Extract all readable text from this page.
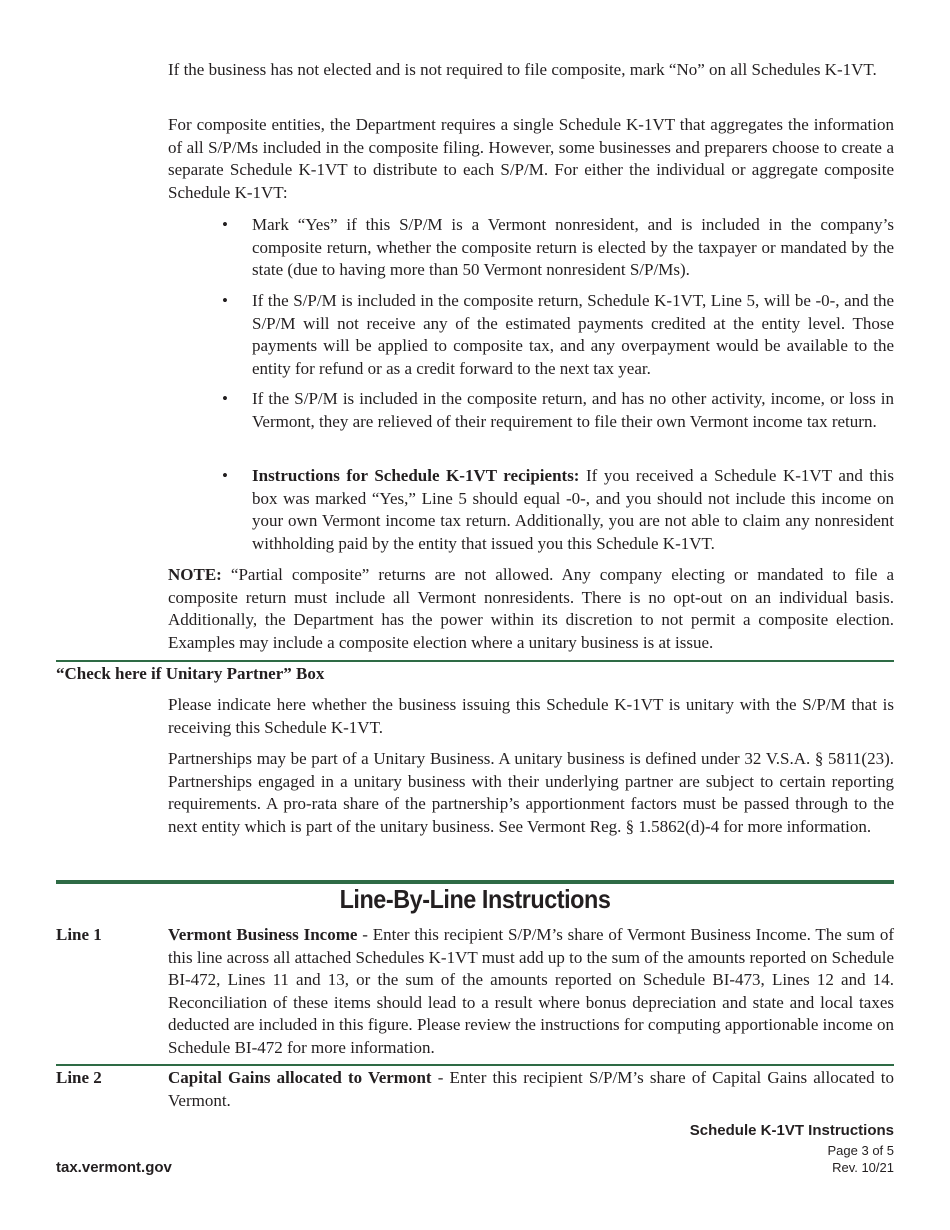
If the business has not elected and is not required to file composite, mark “No” on all Schedules K-1VT.

For composite entities, the Department requires a single Schedule K-1VT that aggregates the information of all S/P/Ms included in the composite filing. However, some businesses and preparers choose to create a separate Schedule K-1VT to distribute to each S/P/M. For either the individual or aggregate composite Schedule K-1VT:

• Mark “Yes” if this S/P/M is a Vermont nonresident, and is included in the company’s composite return, whether the composite return is elected by the taxpayer or mandated by the state (due to having more than 50 Vermont nonresident S/P/Ms).

• If the S/P/M is included in the composite return, Schedule K-1VT, Line 5, will be -0-, and the S/P/M will not receive any of the estimated payments credited at the entity level. Those payments will be applied to composite tax, and any overpayment would be available to the entity for refund or as a credit forward to the next tax year.

• If the S/P/M is included in the composite return, and has no other activity, income, or loss in Vermont, they are relieved of their requirement to file their own Vermont income tax return.

• Instructions for Schedule K-1VT recipients: If you received a Schedule K-1VT and this box was marked “Yes,” Line 5 should equal -0-, and you should not include this income on your own Vermont income tax return. Additionally, you are not able to claim any nonresident withholding paid by the entity that issued you this Schedule K-1VT.

NOTE: “Partial composite” returns are not allowed. Any company electing or mandated to file a composite return must include all Vermont nonresidents. There is no opt-out on an individual basis. Additionally, the Department has the power within its discretion to not permit a composite election. Examples may include a composite election where a unitary business is at issue.

“Check here if Unitary Partner” Box

Please indicate here whether the business issuing this Schedule K-1VT is unitary with the S/P/M that is receiving this Schedule K-1VT.

Partnerships may be part of a Unitary Business. A unitary business is defined under 32 V.S.A. § 5811(23). Partnerships engaged in a unitary business with their underlying partner are subject to certain reporting requirements. A pro-rata share of the partnership’s apportionment factors must be passed through to the next entity which is part of the unitary business. See Vermont Reg. § 1.5862(d)-4 for more information.

Line-By-Line Instructions

Line 1	Vermont Business Income - Enter this recipient S/P/M’s share of Vermont Business Income. The sum of this line across all attached Schedules K-1VT must add up to the sum of the amounts reported on Schedule BI-472, Lines 11 and 13, or the sum of the amounts reported on Schedule BI-473, Lines 12 and 14. Reconciliation of these items should lead to a result where bonus depreciation and state and local taxes deducted are included in this figure. Please review the instructions for computing apportionable income on Schedule BI-472 for more information.

Line 2	Capital Gains allocated to Vermont - Enter this recipient S/P/M’s share of Capital Gains allocated to Vermont.

Schedule K-1VT Instructions

Page 3 of 5

Rev. 10/21

tax.vermont.gov
